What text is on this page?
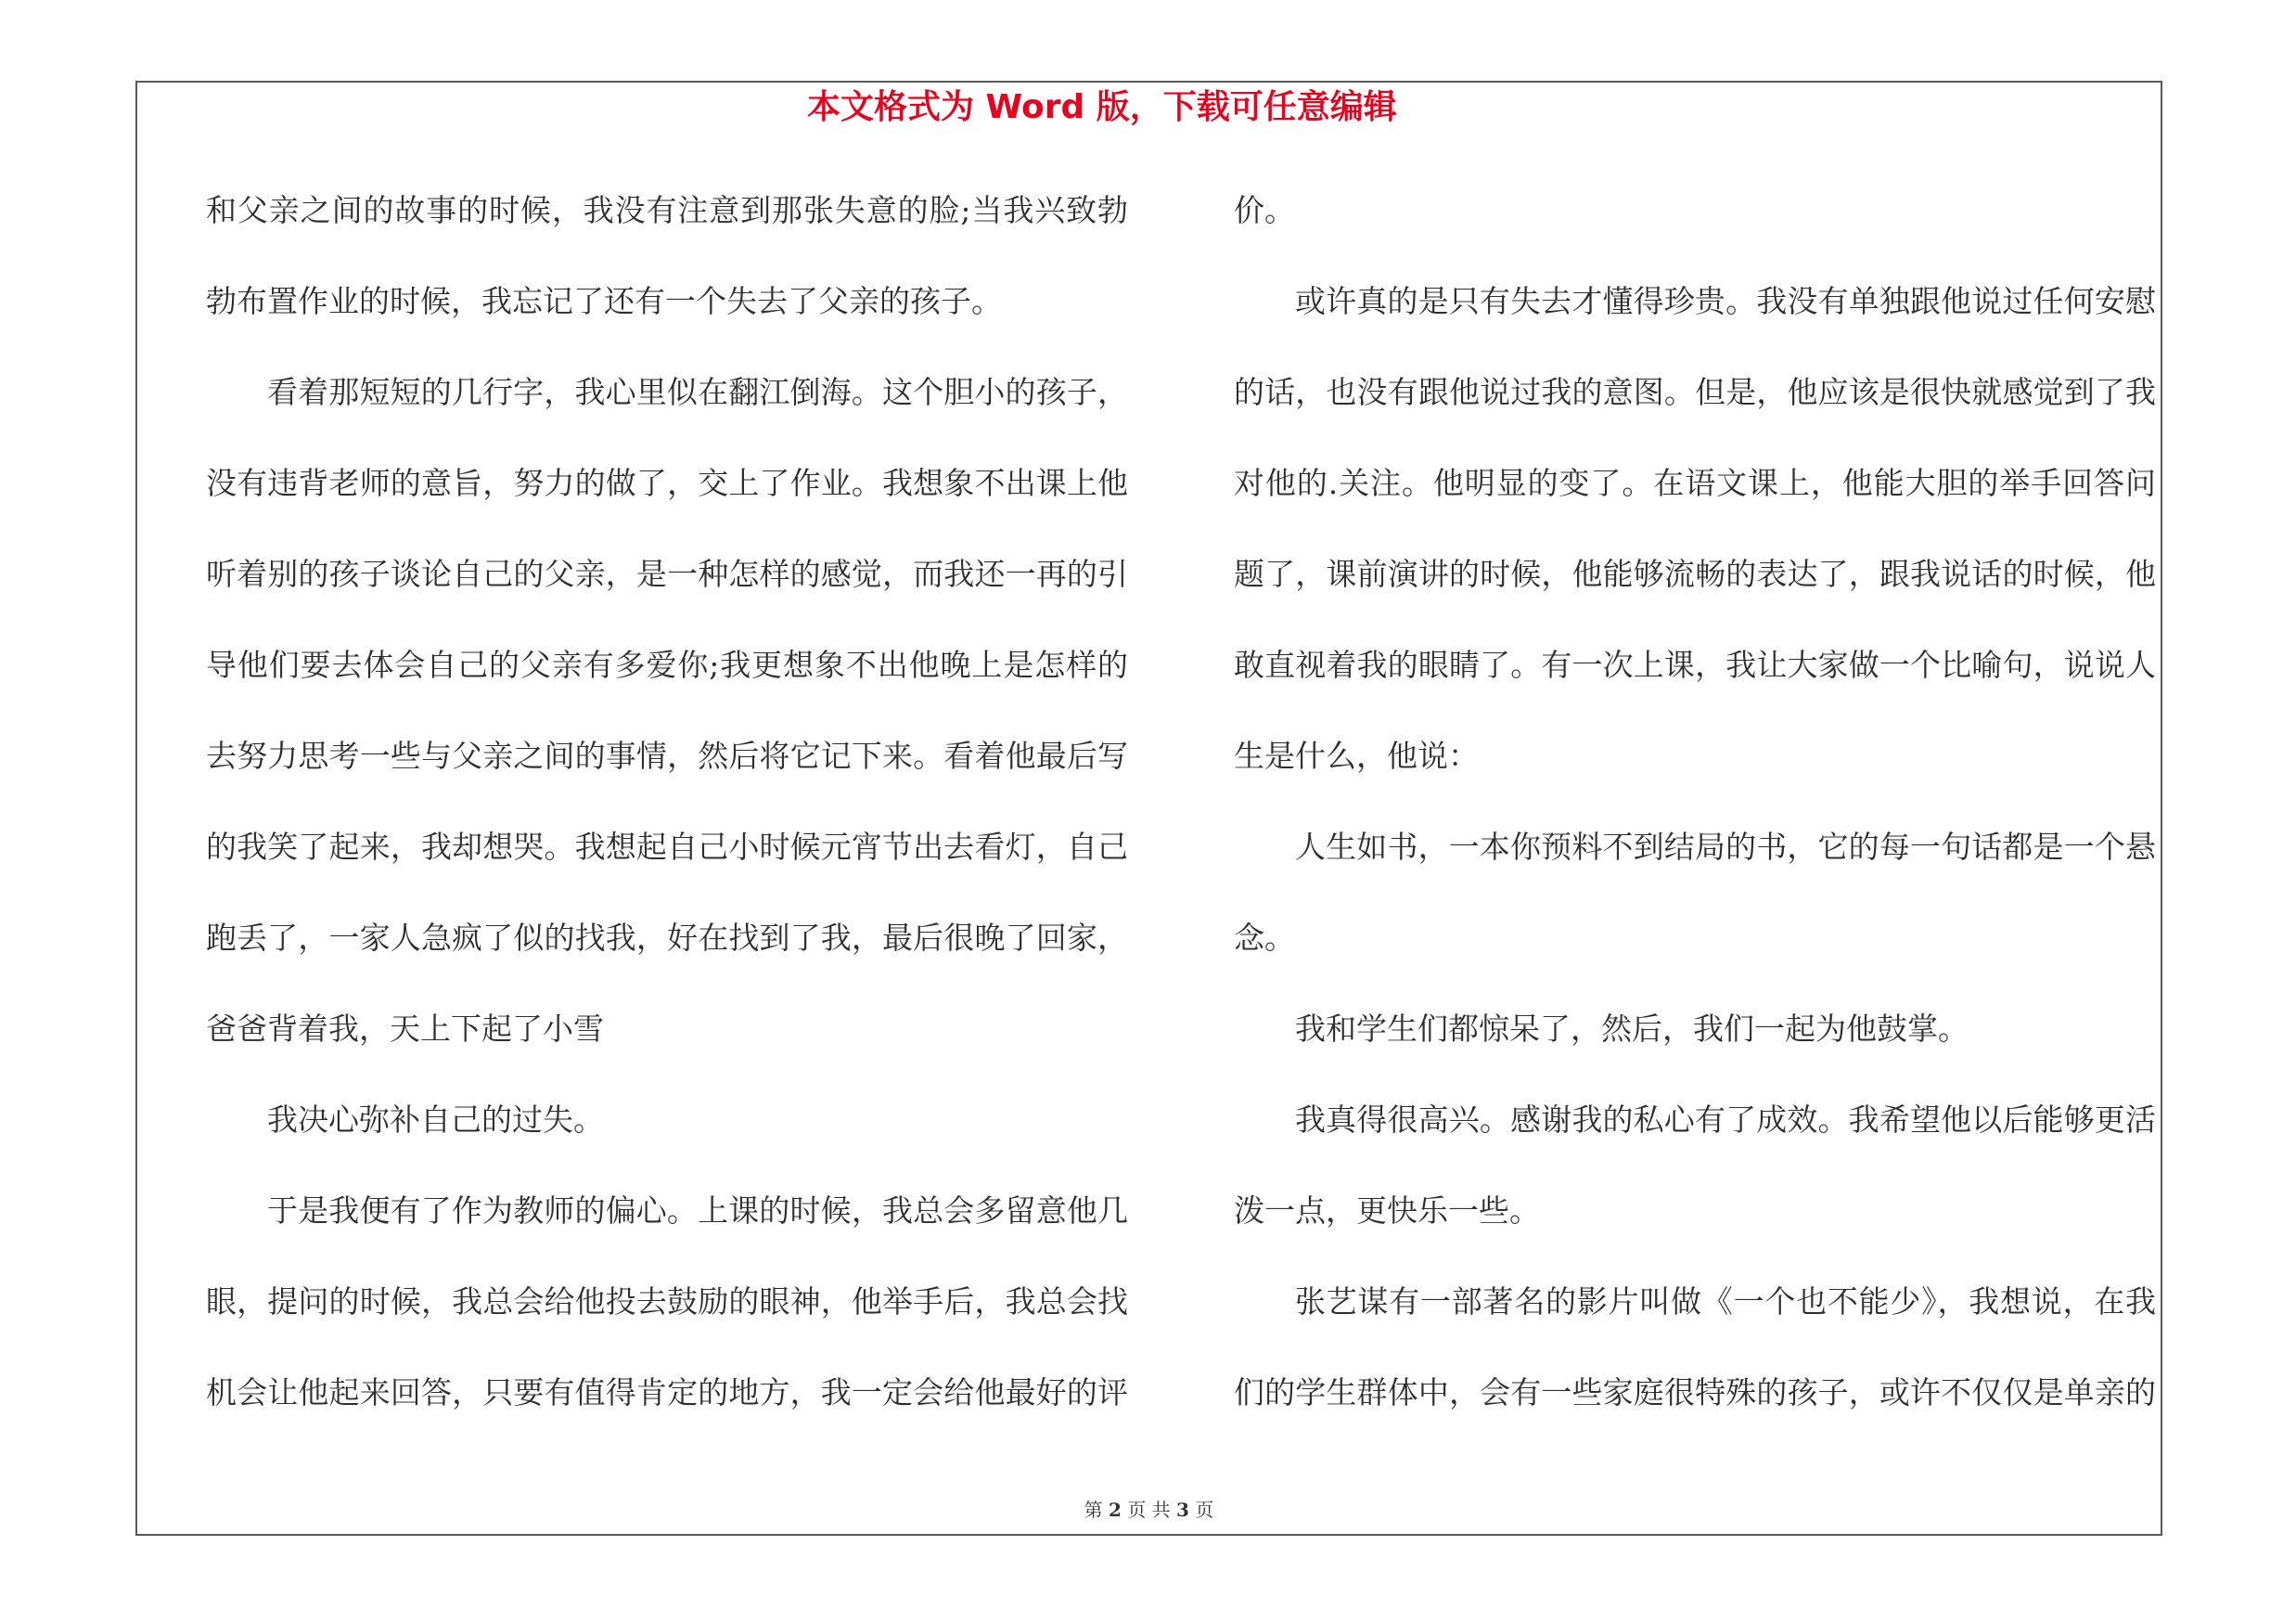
本文格式为 Word 版，下载可任意编辑
和父亲之间的故事的时候，我没有注意到那张失意的脸;当我兴致勃
勃布置作业的时候，我忘记了还有一个失去了父亲的孩子。
看着那短短的几行字，我心里似在翻江倒海。这个胆小的孩子，
没有违背老师的意旨，努力的做了，交上了作业。我想象不出课上他
听着别的孩子谈论自己的父亲，是一种怎样的感觉，而我还一再的引
导他们要去体会自己的父亲有多爱你;我更想象不出他晚上是怎样的
去努力思考一些与父亲之间的事情，然后将它记下来。看着他最后写
的我笑了起来，我却想哭。我想起自己小时候元宵节出去看灯，自己
跑丢了，一家人急疯了似的找我，好在找到了我，最后很晚了回家，
爸爸背着我，天上下起了小雪
我决心弥补自己的过失。
于是我便有了作为教师的偏心。上课的时候，我总会多留意他几
眼，提问的时候，我总会给他投去鼓励的眼神，他举手后，我总会找
机会让他起来回答，只要有值得肯定的地方，我一定会给他最好的评
价。
或许真的是只有失去才懂得珍贵。我没有单独跟他说过任何安慰
的话，也没有跟他说过我的意图。但是，他应该是很快就感觉到了我
对他的.关注。他明显的变了。在语文课上，他能大胆的举手回答问
题了，课前演讲的时候，他能够流畅的表达了，跟我说话的时候，他
敢直视着我的眼睛了。有一次上课，我让大家做一个比喻句，说说人
生是什么，他说：
人生如书，一本你预料不到结局的书，它的每一句话都是一个悬
念。
我和学生们都惊呆了，然后，我们一起为他鼓掌。
我真得很高兴。感谢我的私心有了成效。我希望他以后能够更活
泼一点，更快乐一些。
张艺谋有一部著名的影片叫做《一个也不能少》，我想说，在我
们的学生群体中，会有一些家庭很特殊的孩子，或许不仅仅是单亲的
第 2 页 共 3 页
